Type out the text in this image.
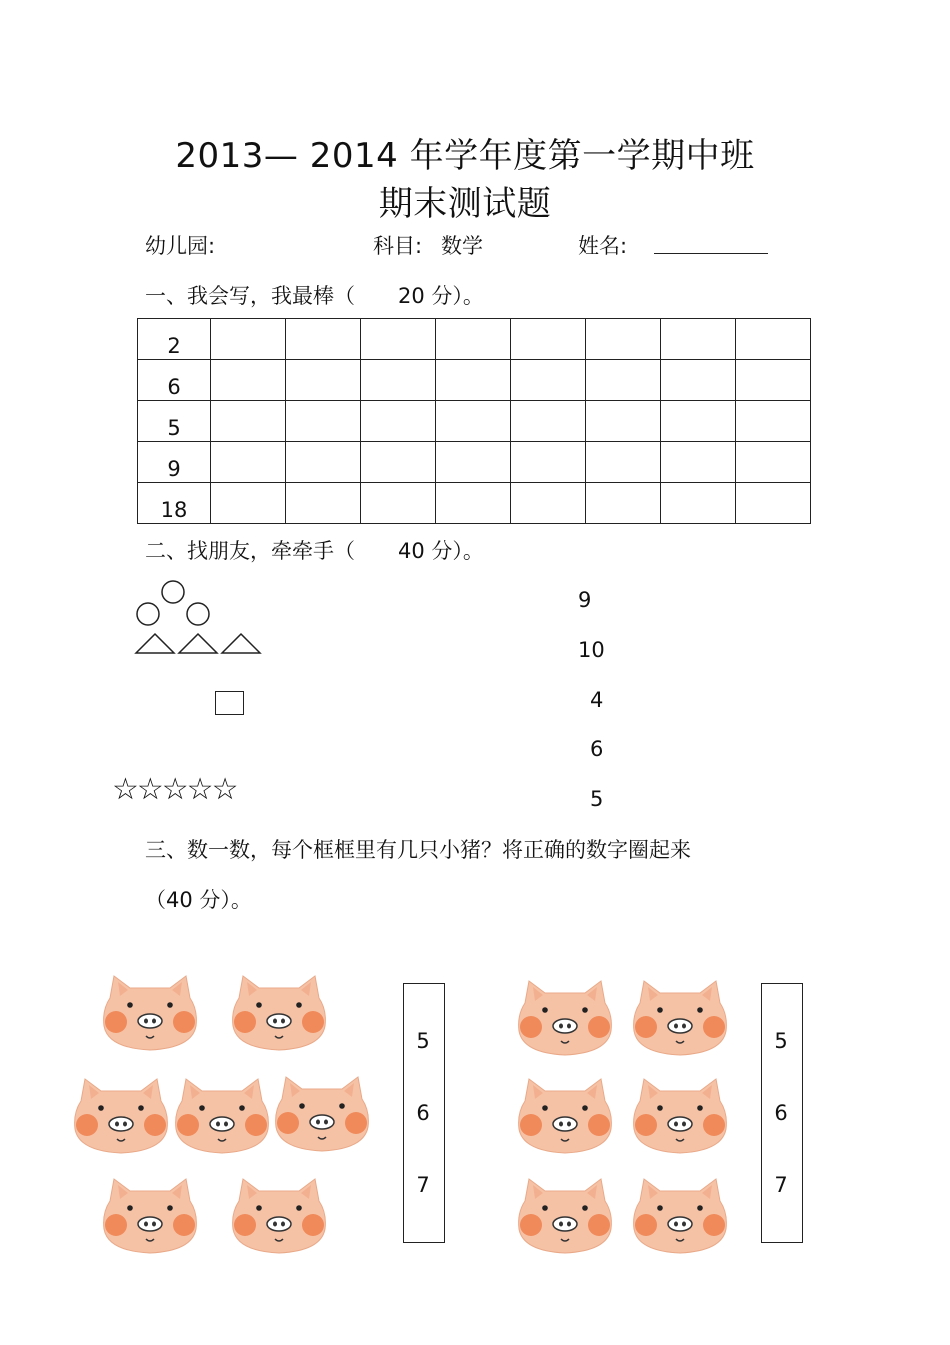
2013— 2014 年学年度第一学期中班
期末测试题
幼儿园:	科目: 数学	姓名:
一、我会写，我最棒（ 20 分）。
2								
6								
5								
9								
18								
二、找朋友，牵牵手（ 40 分）。
☆☆☆☆☆
9
10
4
6
5
三、数一数，每个框框里有几只小猪？将正确的数字圈起来
（40 分）。
5
6
7
5
6
7
